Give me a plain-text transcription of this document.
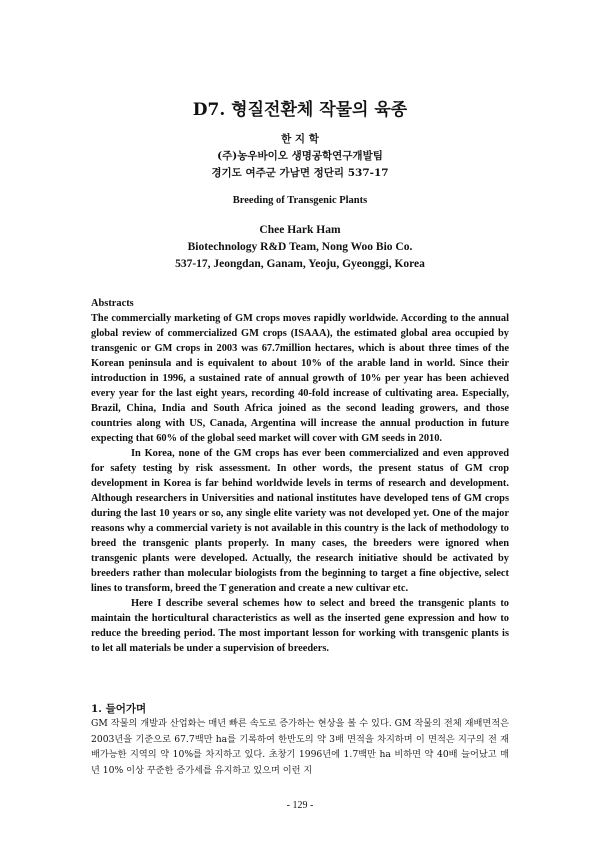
D7. 형질전환체 작물의 육종
한 지 학
(주)농우바이오 생명공학연구개발팀
경기도 여주군 가남면 정단리 537-17
Breeding of Transgenic Plants
Chee Hark Ham
Biotechnology R&D Team, Nong Woo Bio Co.
537-17, Jeongdan, Ganam, Yeoju, Gyeonggi, Korea

Abstracts

The commercially marketing of GM crops moves rapidly worldwide. According to the annual global review of commercialized GM crops (ISAAA), the estimated global area occupied by transgenic or GM crops in 2003 was 67.7million hectares, which is about three times of the Korean peninsula and is equivalent to about 10% of the arable land in world. Since their introduction in 1996, a sustained rate of annual growth of 10% per year has been achieved every year for the last eight years, recording 40-fold increase of cultivating area. Especially, Brazil, China, India and South Africa joined as the second leading growers, and those countries along with US, Canada, Argentina will increase the annual production in future expecting that 60% of the global seed market will cover with GM seeds in 2010.

In Korea, none of the GM crops has ever been commercialized and even approved for safety testing by risk assessment. In other words, the present status of GM crop development in Korea is far behind worldwide levels in terms of research and development. Although researchers in Universities and national institutes have developed tens of GM crops during the last 10 years or so, any single elite variety was not developed yet. One of the major reasons why a commercial variety is not available in this country is the lack of methodology to breed the transgenic plants properly. In many cases, the breeders were ignored when transgenic plants were developed. Actually, the research initiative should be activated by breeders rather than molecular biologists from the beginning to target a fine objective, select lines to transform, breed the T generation and create a new cultivar etc.

Here I describe several schemes how to select and breed the transgenic plants to maintain the horticultural characteristics as well as the inserted gene expression and how to reduce the breeding period. The most important lesson for working with transgenic plants is to let all materials be under a supervision of breeders.

1. 들어가며

GM 작물의 개발과 산업화는 매년 빠른 속도로 증가하는 현상을 볼 수 있다. GM 작물의 전체 재배면적은 2003년을 기준으로 67.7백만 ha를 기록하여 한반도의 약 3배 면적을 차지하며 이 면적은 지구의 전 재배가능한 지역의 약 10%를 차지하고 있다. 초창기 1996년에 1.7백만 ha 비하면 약 40배 늘어났고 매년 10% 이상 꾸준한 증가세를 유지하고 있으며 이런 지

- 129 -
